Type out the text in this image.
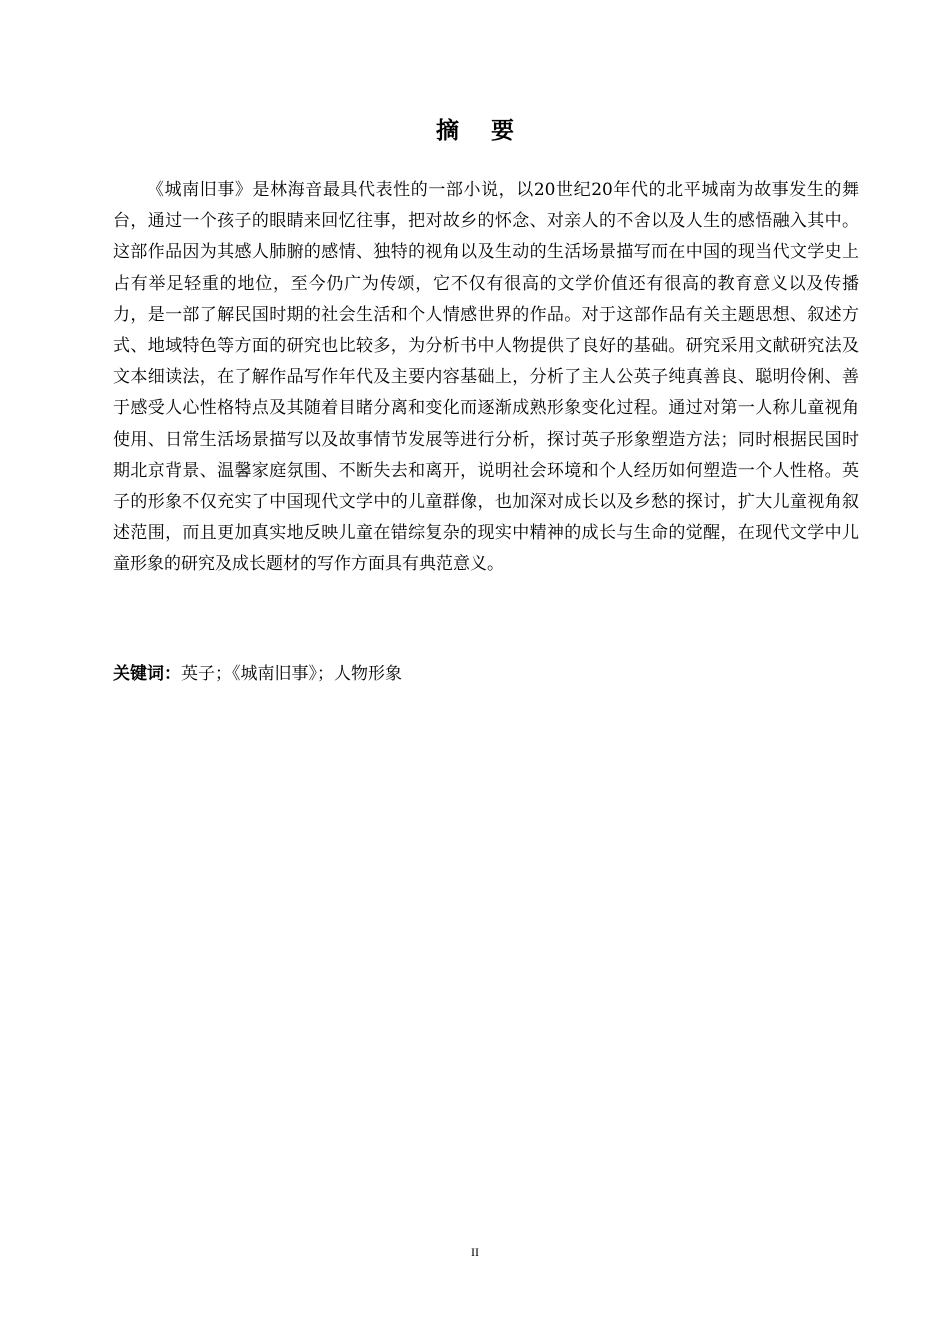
摘    要

《城南旧事》是林海音最具代表性的一部小说，以20世纪20年代的北平城南为故事发生的舞台，通过一个孩子的眼睛来回忆往事，把对故乡的怀念、对亲人的不舍以及人生的感悟融入其中。这部作品因为其感人肺腑的感情、独特的视角以及生动的生活场景描写而在中国的现当代文学史上占有举足轻重的地位，至今仍广为传颂，它不仅有很高的文学价值还有很高的教育意义以及传播力，是一部了解民国时期的社会生活和个人情感世界的作品。对于这部作品有关主题思想、叙述方式、地域特色等方面的研究也比较多，为分析书中人物提供了良好的基础。研究采用文献研究法及文本细读法，在了解作品写作年代及主要内容基础上，分析了主人公英子纯真善良、聪明伶俐、善于感受人心性格特点及其随着目睹分离和变化而逐渐成熟形象变化过程。通过对第一人称儿童视角使用、日常生活场景描写以及故事情节发展等进行分析，探讨英子形象塑造方法；同时根据民国时期北京背景、温馨家庭氛围、不断失去和离开，说明社会环境和个人经历如何塑造一个人性格。英子的形象不仅充实了中国现代文学中的儿童群像，也加深对成长以及乡愁的探讨，扩大儿童视角叙述范围，而且更加真实地反映儿童在错综复杂的现实中精神的成长与生命的觉醒，在现代文学中儿童形象的研究及成长题材的写作方面具有典范意义。

关键词：英子；《城南旧事》；人物形象

II
